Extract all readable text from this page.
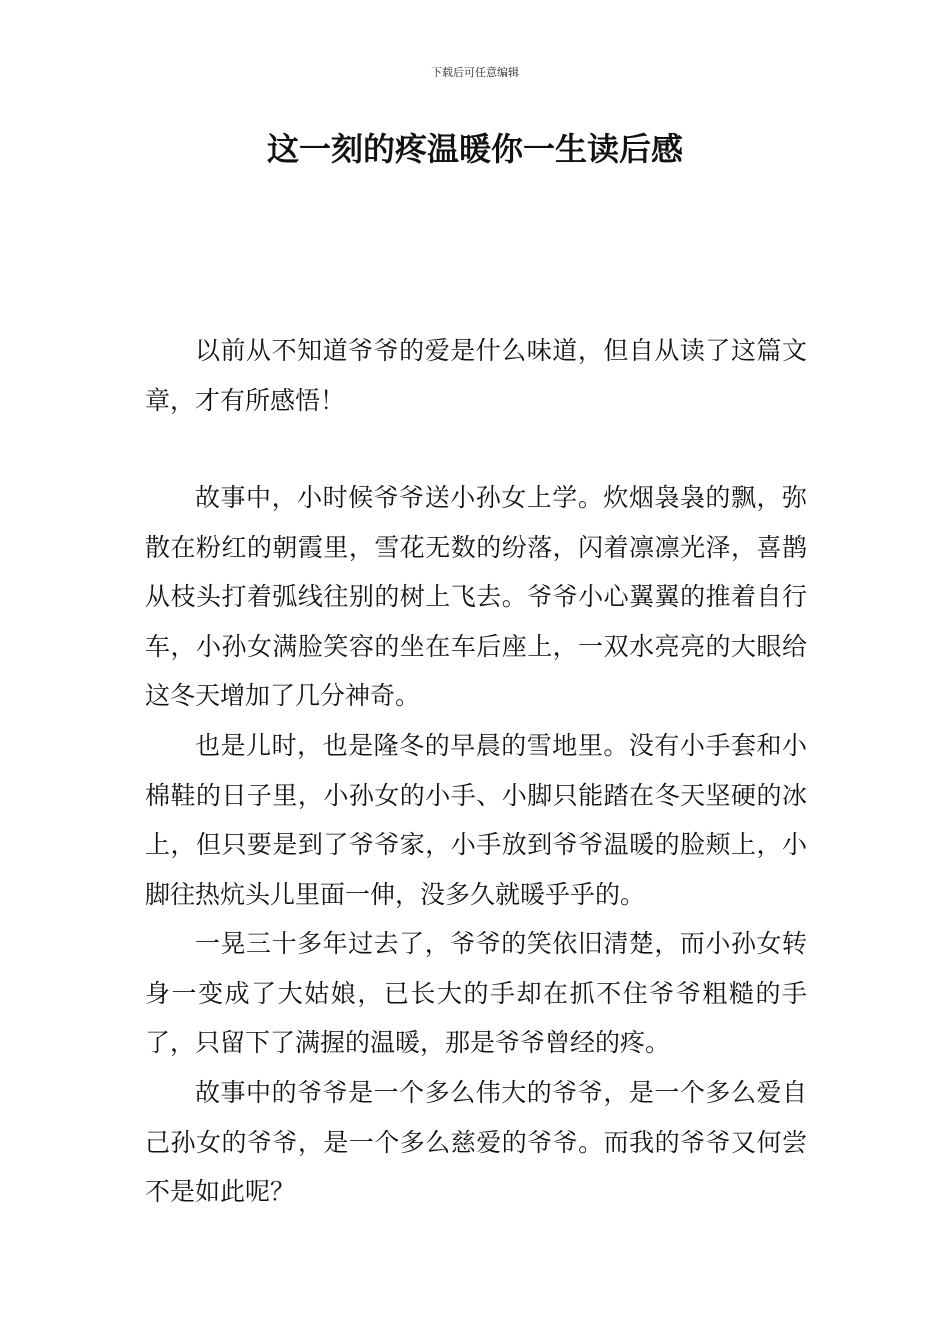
下载后可任意编辑
这一刻的疼温暖你一生读后感

以前从不知道爷爷的爱是什么味道，但自从读了这篇文章，才有所感悟！

故事中，小时候爷爷送小孙女上学。炊烟袅袅的飘，弥散在粉红的朝霞里，雪花无数的纷落，闪着凛凛光泽，喜鹊从枝头打着弧线往别的树上飞去。爷爷小心翼翼的推着自行车，小孙女满脸笑容的坐在车后座上，一双水亮亮的大眼给这冬天增加了几分神奇。

也是儿时，也是隆冬的早晨的雪地里。没有小手套和小棉鞋的日子里，小孙女的小手、小脚只能踏在冬天坚硬的冰上，但只要是到了爷爷家，小手放到爷爷温暖的脸颊上，小脚往热炕头儿里面一伸，没多久就暖乎乎的。

一晃三十多年过去了，爷爷的笑依旧清楚，而小孙女转身一变成了大姑娘，已长大的手却在抓不住爷爷粗糙的手了，只留下了满握的温暖，那是爷爷曾经的疼。

故事中的爷爷是一个多么伟大的爷爷，是一个多么爱自己孙女的爷爷，是一个多么慈爱的爷爷。而我的爷爷又何尝不是如此呢？
